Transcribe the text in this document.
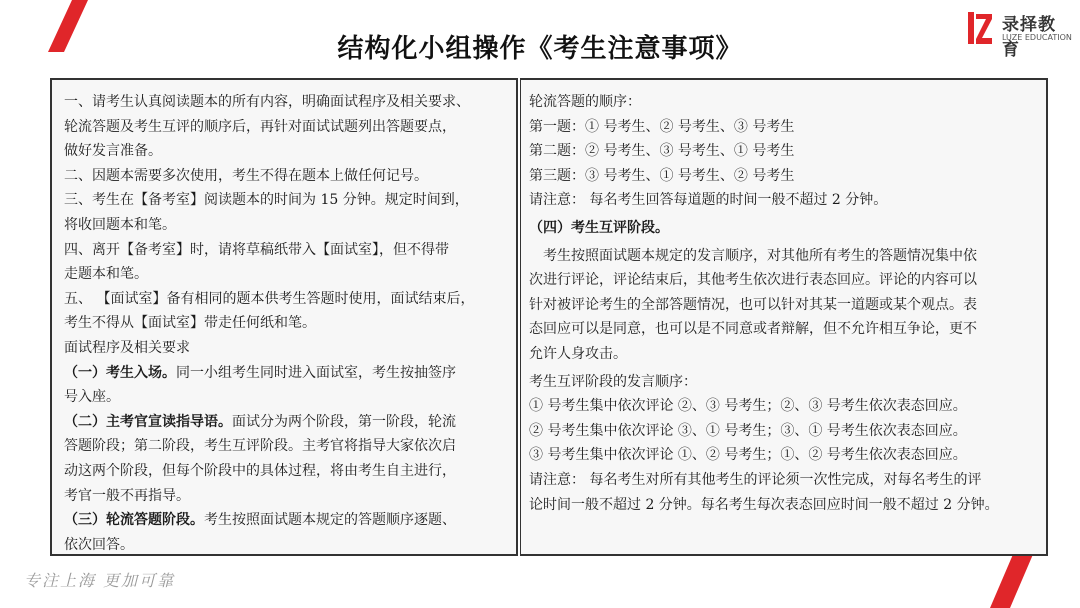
结构化小组操作《考生注意事项》
录择教育
LUZE EDUCATION

一、请考生认真阅读题本的所有内容，明确面试程序及相关要求、

轮流答题及考生互评的顺序后，再针对面试试题列出答题要点，

做好发言准备。

二、因题本需要多次使用，考生不得在题本上做任何记号。

三、考生在【备考室】阅读题本的时间为 15 分钟。规定时间到，

将收回题本和笔。

四、离开【备考室】时，请将草稿纸带入【面试室】，但不得带

走题本和笔。

五、 【面试室】备有相同的题本供考生答题时使用，面试结束后，

考生不得从【面试室】带走任何纸和笔。

面试程序及相关要求

（一）考生入场。同一小组考生同时进入面试室，考生按抽签序

号入座。

（二）主考官宣读指导语。面试分为两个阶段，第一阶段，轮流

答题阶段；第二阶段，考生互评阶段。主考官将指导大家依次启

动这两个阶段，但每个阶段中的具体过程，将由考生自主进行，

考官一般不再指导。

（三）轮流答题阶段。考生按照面试题本规定的答题顺序逐题、

依次回答。

轮流答题的顺序：

第一题：① 号考生、② 号考生、③ 号考生

第二题：② 号考生、③ 号考生、① 号考生

第三题：③ 号考生、① 号考生、② 号考生

请注意： 每名考生回答每道题的时间一般不超过 2 分钟。

（四）考生互评阶段。

考生按照面试题本规定的发言顺序，对其他所有考生的答题情况集中依

次进行评论，评论结束后，其他考生依次进行表态回应。评论的内容可以

针对被评论考生的全部答题情况，也可以针对其某一道题或某个观点。表

态回应可以是同意，也可以是不同意或者辩解，但不允许相互争论，更不

允许人身攻击。

考生互评阶段的发言顺序：

① 号考生集中依次评论 ②、③ 号考生；②、③ 号考生依次表态回应。

② 号考生集中依次评论 ③、① 号考生；③、① 号考生依次表态回应。

③ 号考生集中依次评论 ①、② 号考生；①、② 号考生依次表态回应。

请注意： 每名考生对所有其他考生的评论须一次性完成，对每名考生的评

论时间一般不超过 2 分钟。每名考生每次表态回应时间一般不超过 2 分钟。

专注上海 更加可靠
